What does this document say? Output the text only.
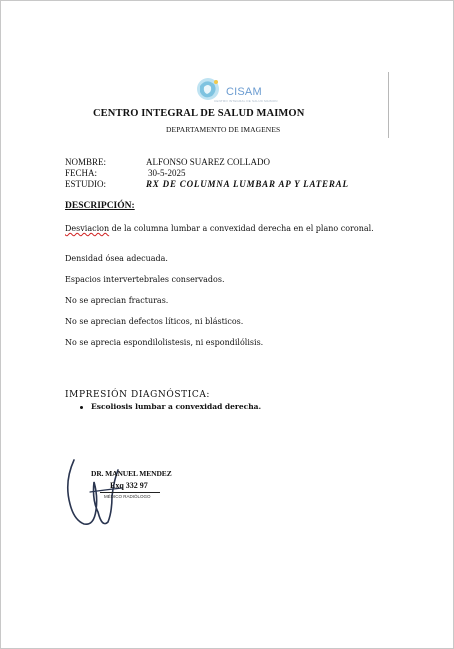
CISAM
CENTRO INTEGRAL DE SALUD MAIMON
CENTRO INTEGRAL DE SALUD MAIMON
DEPARTAMENTO DE IMAGENES
NOMBRE:	ALFONSO SUAREZ COLLADO
FECHA:	30-5-2025
ESTUDIO:	RX DE COLUMNA LUMBAR AP Y LATERAL
DESCRIPCIÓN:
Desviacion de la columna lumbar a convexidad derecha en el plano coronal.
Densidad ósea adecuada.
Espacios intervertebrales conservados.
No se aprecian fracturas.
No se aprecian defectos líticos, ni blásticos.
No se aprecia espondilolistesis, ni espondilólisis.
IMPRESIÓN DIAGNÓSTICA:
Escoliosis lumbar a convexidad derecha.
DR. MANUEL MENDEZ
Exq 332 97
MÉDICO RADIÓLOGO
